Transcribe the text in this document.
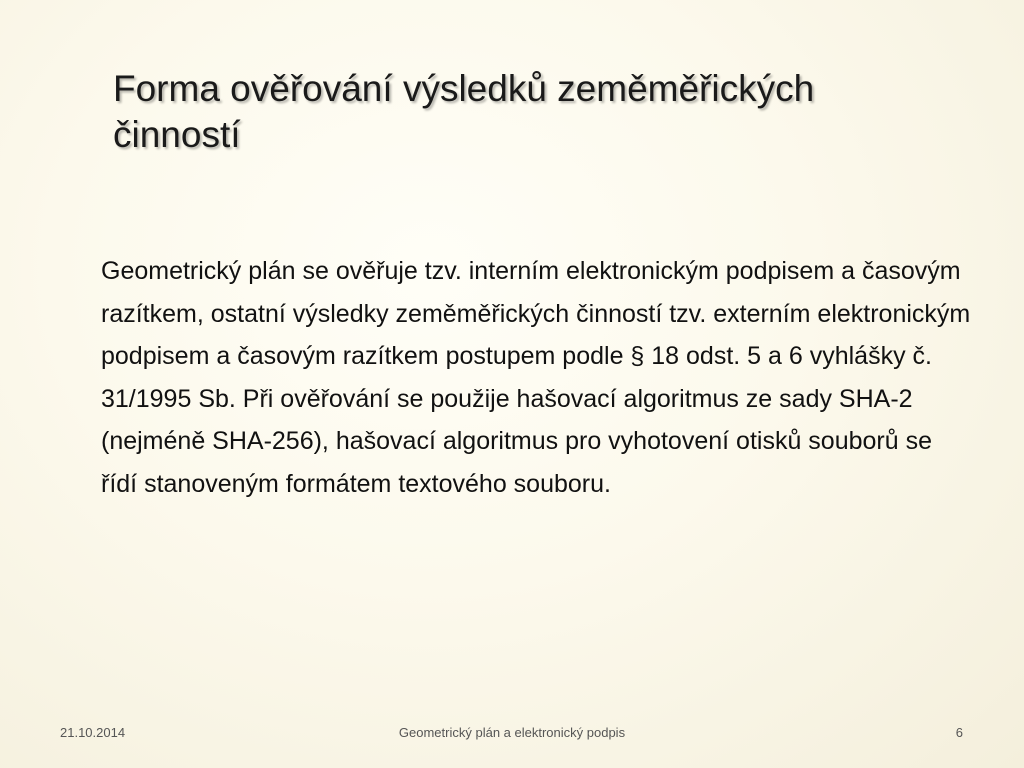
Forma ověřování výsledků zeměměřických činností

Geometrický plán se ověřuje tzv. interním elektronickým podpisem a časovým razítkem, ostatní výsledky zeměměřických činností tzv. externím elektronickým podpisem a časovým razítkem postupem podle § 18 odst. 5 a 6 vyhlášky č. 31/1995 Sb. Při ověřování se použije hašovací algoritmus ze sady SHA-2 (nejméně SHA-256), hašovací algoritmus pro vyhotovení otisků souborů se řídí stanoveným formátem textového souboru.

21.10.2014	Geometrický plán a elektronický podpis	6
